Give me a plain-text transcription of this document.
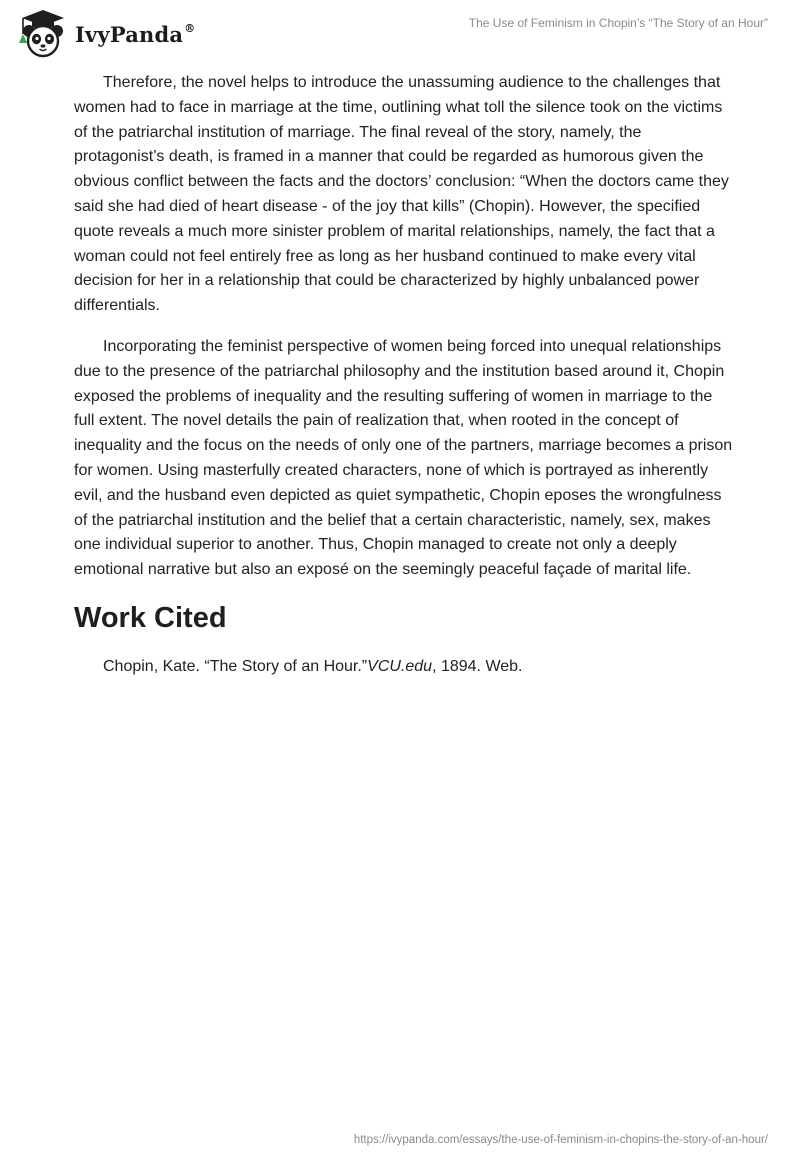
IvyPanda®	The Use of Feminism in Chopin’s “The Story of an Hour”

Therefore, the novel helps to introduce the unassuming audience to the challenges that women had to face in marriage at the time, outlining what toll the silence took on the victims of the patriarchal institution of marriage. The final reveal of the story, namely, the protagonist’s death, is framed in a manner that could be regarded as humorous given the obvious conflict between the facts and the doctors’ conclusion: “When the doctors came they said she had died of heart disease - of the joy that kills” (Chopin). However, the specified quote reveals a much more sinister problem of marital relationships, namely, the fact that a woman could not feel entirely free as long as her husband continued to make every vital decision for her in a relationship that could be characterized by highly unbalanced power differentials.

Incorporating the feminist perspective of women being forced into unequal relationships due to the presence of the patriarchal philosophy and the institution based around it, Chopin exposed the problems of inequality and the resulting suffering of women in marriage to the full extent. The novel details the pain of realization that, when rooted in the concept of inequality and the focus on the needs of only one of the partners, marriage becomes a prison for women. Using masterfully created characters, none of which is portrayed as inherently evil, and the husband even depicted as quiet sympathetic, Chopin eposes the wrongfulness of the patriarchal institution and the belief that a certain characteristic, namely, sex, makes one individual superior to another. Thus, Chopin managed to create not only a deeply emotional narrative but also an exposé on the seemingly peaceful façade of marital life.

Work Cited
Chopin, Kate. “The Story of an Hour.”VCU.edu, 1894. Web.
https://ivypanda.com/essays/the-use-of-feminism-in-chopins-the-story-of-an-hour/
